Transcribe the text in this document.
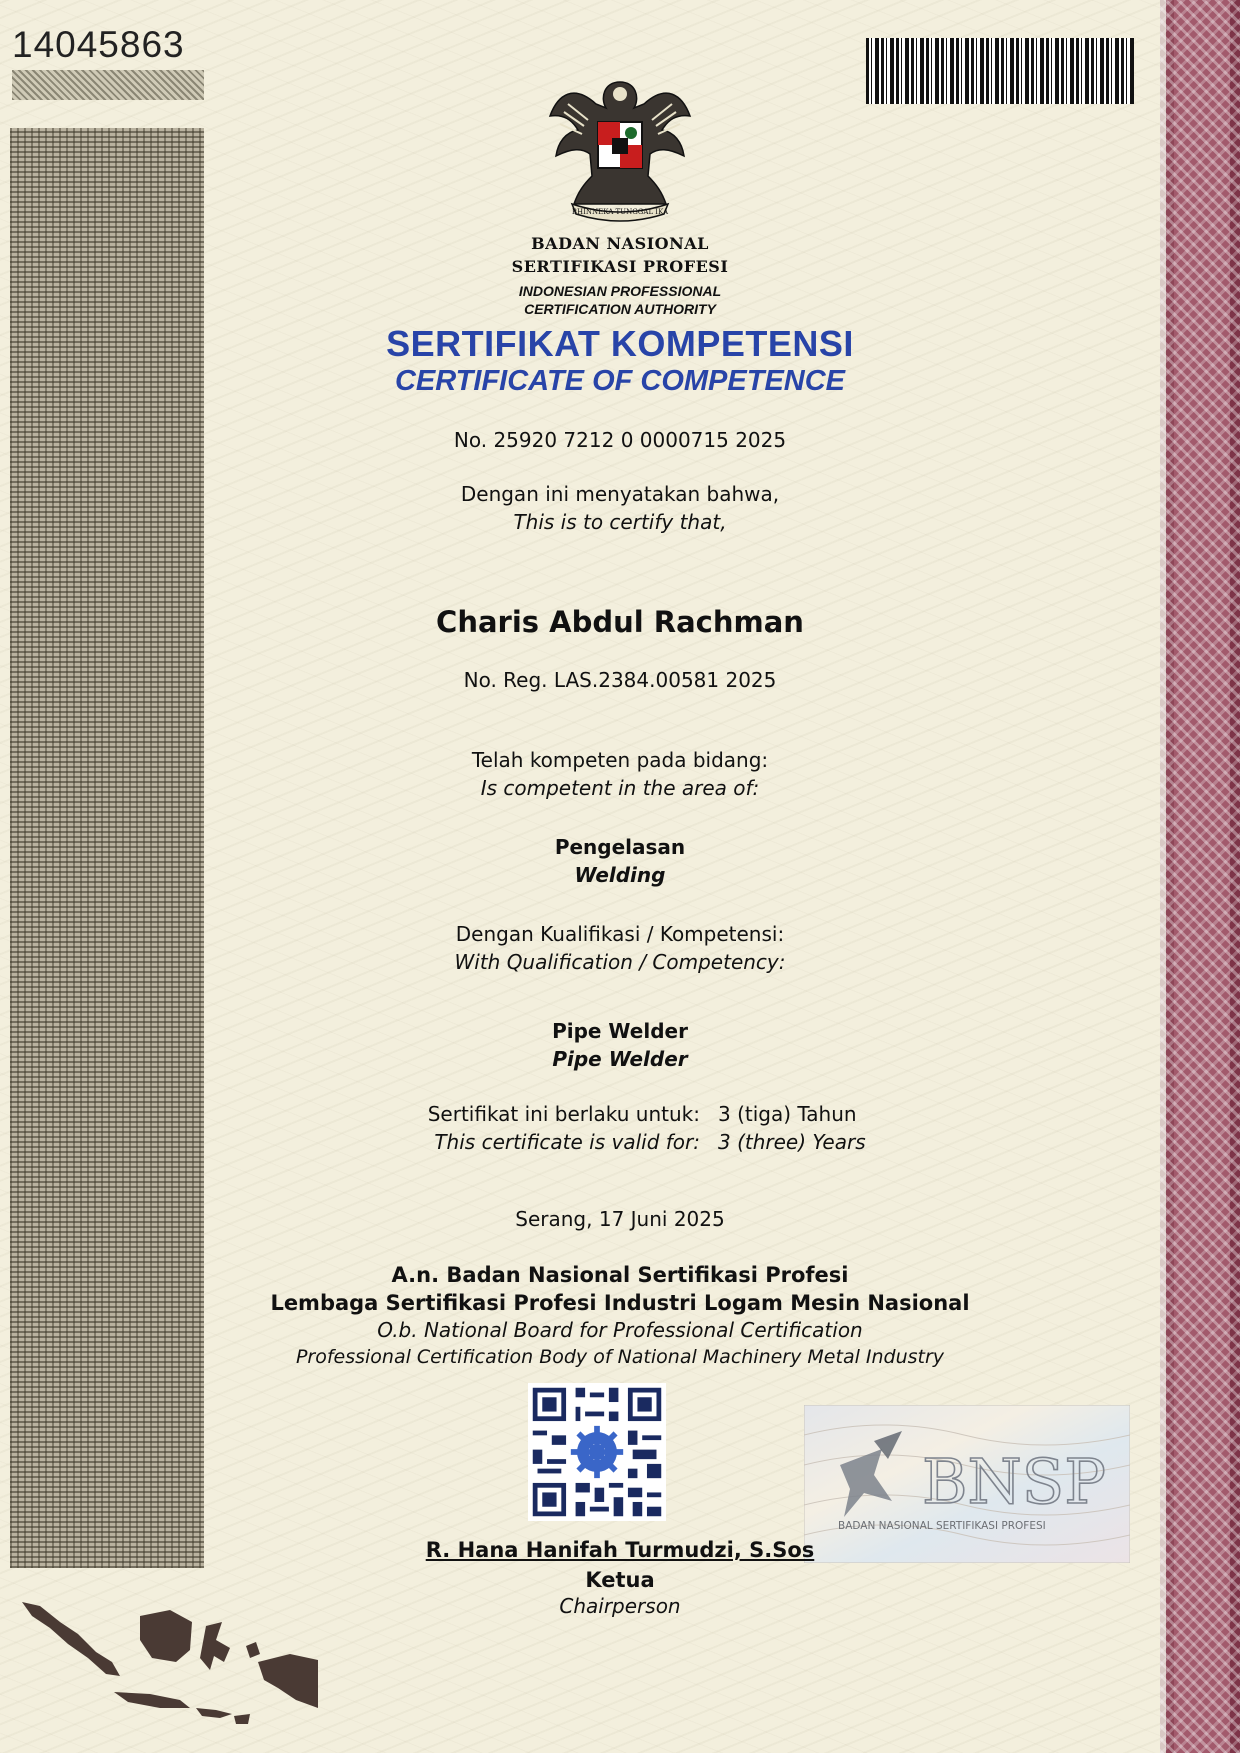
14045863
BHINNEKA TUNGGAL IKA
BADAN NASIONAL
SERTIFIKASI PROFESI
INDONESIAN PROFESSIONAL
CERTIFICATION AUTHORITY
SERTIFIKAT KOMPETENSI
CERTIFICATE OF COMPETENCE
No. 25920 7212 0 0000715 2025
Dengan ini menyatakan bahwa,
This is to certify that,
Charis Abdul Rachman
No. Reg. LAS.2384.00581 2025
Telah kompeten pada bidang:
Is competent in the area of:
Pengelasan
Welding
Dengan Kualifikasi / Kompetensi:
With Qualification / Competency:
Pipe Welder
Pipe Welder
Sertifikat ini berlaku untuk: 3 (tiga) Tahun
This certificate is valid for: 3 (three) Years
Serang, 17 Juni 2025
A.n. Badan Nasional Sertifikasi Profesi
Lembaga Sertifikasi Profesi Industri Logam Mesin Nasional
O.b. National Board for Professional Certification
Professional Certification Body of National Machinery Metal Industry
BNSP
BADAN NASIONAL SERTIFIKASI PROFESI
R. Hana Hanifah Turmudzi, S.Sos
Ketua
Chairperson
